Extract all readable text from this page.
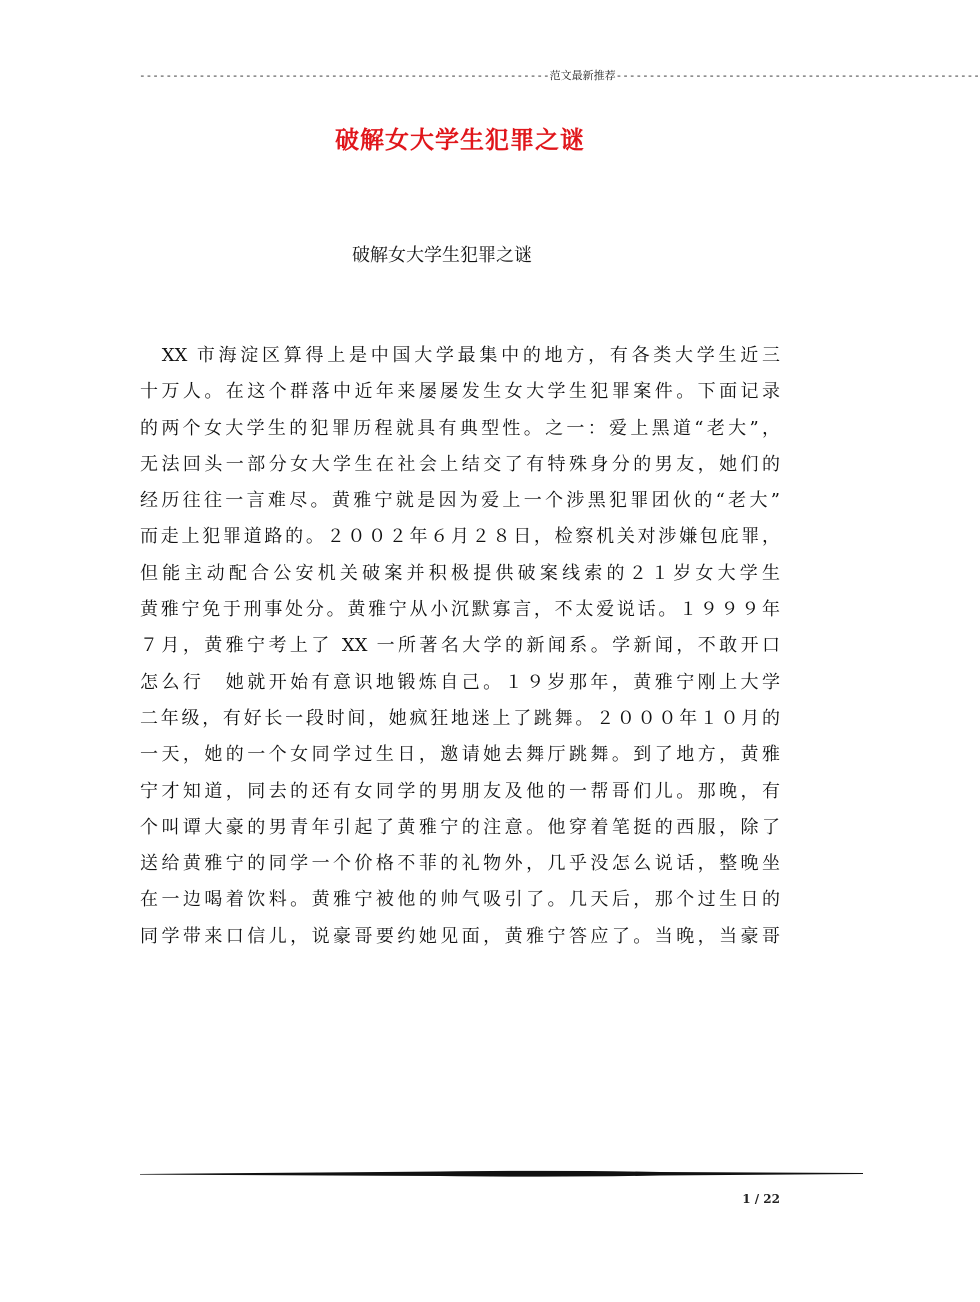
--------------------------------------------------------------范文最新推荐-------------------------------------------------------
破解女大学生犯罪之谜
破解女大学生犯罪之谜
　XX 市海淀区算得上是中国大学最集中的地方，有各类大学生近三
十万人。在这个群落中近年来屡屡发生女大学生犯罪案件。下面记录
的两个女大学生的犯罪历程就具有典型性。之一：爱上黑道“老大”，
无法回头一部分女大学生在社会上结交了有特殊身分的男友，她们的
经历往往一言难尽。黄雅宁就是因为爱上一个涉黑犯罪团伙的“老大”
而走上犯罪道路的。２００２年６月２８日，检察机关对涉嫌包庇罪，
但能主动配合公安机关破案并积极提供破案线索的２１岁女大学生
黄雅宁免于刑事处分。黄雅宁从小沉默寡言，不太爱说话。１９９９年
７月，黄雅宁考上了 XX 一所著名大学的新闻系。学新闻，不敢开口
怎么行　她就开始有意识地锻炼自己。１９岁那年，黄雅宁刚上大学
二年级，有好长一段时间，她疯狂地迷上了跳舞。２０００年１０月的
一天，她的一个女同学过生日，邀请她去舞厅跳舞。到了地方，黄雅
宁才知道，同去的还有女同学的男朋友及他的一帮哥们儿。那晚，有
个叫谭大豪的男青年引起了黄雅宁的注意。他穿着笔挺的西服，除了
送给黄雅宁的同学一个价格不菲的礼物外，几乎没怎么说话，整晚坐
在一边喝着饮料。黄雅宁被他的帅气吸引了。几天后，那个过生日的
同学带来口信儿，说豪哥要约她见面，黄雅宁答应了。当晚，当豪哥
1 / 22
